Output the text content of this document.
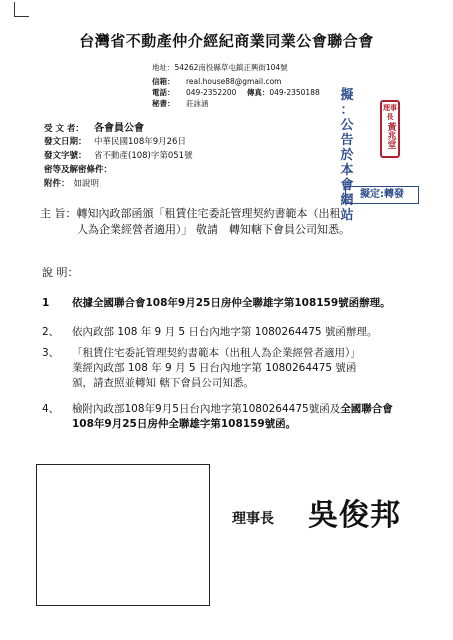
台灣省不動產仲介經紀商業同業公會聯合會
地址：54262南投縣草屯鎮正興街104號
信箱： real.house88@gmail.com
電話： 049-2352200 傳真：049-2350188
秘書： 莊詠涵
擬
：
公
告
於
本
會
網
站
理事長
黃兆堂
受 文 者： 各會員公會
發文日期： 中華民國108年9月26日
發文字號： 省不動產(108)字第051號
密等及解密條件：
附件： 如說明
擬定:轉發
主 旨：轉知內政部函頒「租賃住宅委託管理契約書範本（出租
人為企業經營者適用）」 敬請　轉知轄下會員公司知悉。
說 明：
1	依據全國聯合會108年9月25日房仲全聯雄字第108159號函辦理。
2、	依內政部 108 年 9 月 5 日台內地字第 1080264475 號函辦理。
3、	「租賃住宅委託管理契約書範本（出租人為企業經營者適用）」
業經內政部 108 年 9 月 5 日台內地字第 1080264475 號函
頒，請查照並轉知 轄下會員公司知悉。
4、	檢附內政部108年9月5日台內地字第1080264475號函及全國聯合會
108年9月25日房仲全聯雄字第108159號函。
理事長 吳俊邦
